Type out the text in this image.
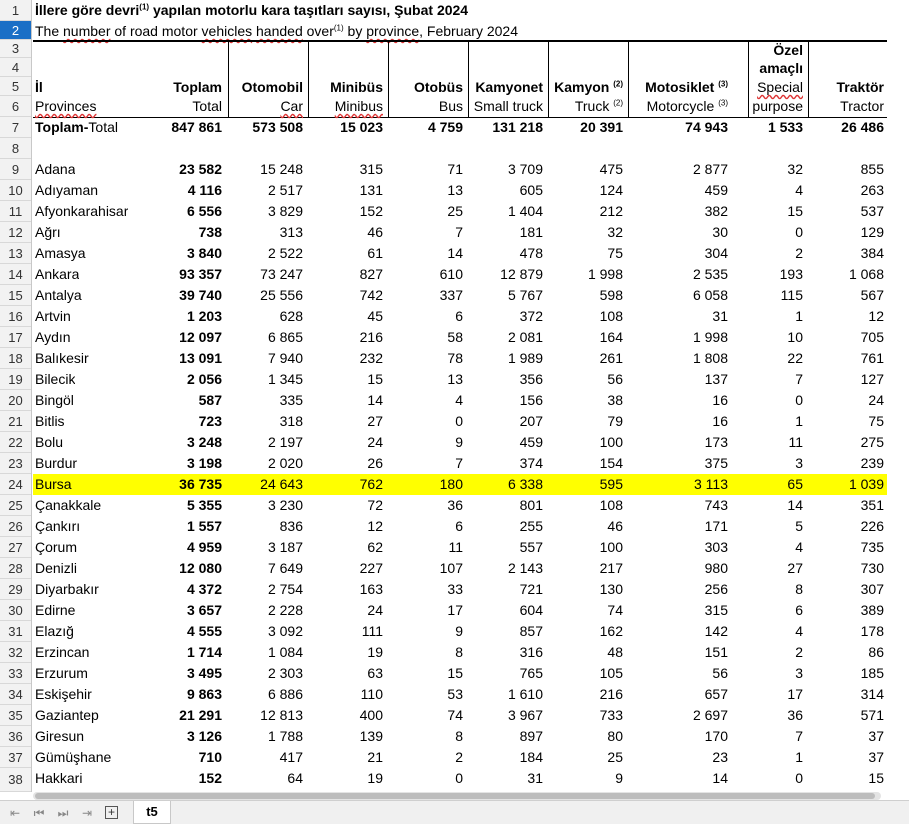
1
2
3
4
5
6
7
8
9
10
11
12
13
14
15
16
17
18
19
20
21
22
23
24
25
26
27
28
29
30
31
32
33
34
35
36
37
38
İllere göre devri$^{(1)}$ yapılan motorlu kara taşıtları sayısı, Şubat 2024
The number of road motor vehicles handed over$^{(1)}$ by province, February 2024
İl
Provinces
Toplam
Total
Otomobil
Car
Minibüs
Minibus
Otobüs
Bus
Kamyonet
Small truck
Kamyon $^{(2)}$
Truck $^{(2)}$
Motosiklet $^{(3)}$
Motorcycle $^{(3)}$
Özel
amaçlı
Special
purpose
Traktör
Tractor
Toplam-Total	847 861	573 508	15 023	4 759	131 218	20 391	74 943	1 533	26 486
Adana	23 582	15 248	315	71	3 709	475	2 877	32	855
Adıyaman	4 116	2 517	131	13	605	124	459	4	263
Afyonkarahisar	6 556	3 829	152	25	1 404	212	382	15	537
Ağrı	738	313	46	7	181	32	30	0	129
Amasya	3 840	2 522	61	14	478	75	304	2	384
Ankara	93 357	73 247	827	610	12 879	1 998	2 535	193	1 068
Antalya	39 740	25 556	742	337	5 767	598	6 058	115	567
Artvin	1 203	628	45	6	372	108	31	1	12
Aydın	12 097	6 865	216	58	2 081	164	1 998	10	705
Balıkesir	13 091	7 940	232	78	1 989	261	1 808	22	761
Bilecik	2 056	1 345	15	13	356	56	137	7	127
Bingöl	587	335	14	4	156	38	16	0	24
Bitlis	723	318	27	0	207	79	16	1	75
Bolu	3 248	2 197	24	9	459	100	173	11	275
Burdur	3 198	2 020	26	7	374	154	375	3	239
Bursa	36 735	24 643	762	180	6 338	595	3 113	65	1 039
Çanakkale	5 355	3 230	72	36	801	108	743	14	351
Çankırı	1 557	836	12	6	255	46	171	5	226
Çorum	4 959	3 187	62	11	557	100	303	4	735
Denizli	12 080	7 649	227	107	2 143	217	980	27	730
Diyarbakır	4 372	2 754	163	33	721	130	256	8	307
Edirne	3 657	2 228	24	17	604	74	315	6	389
Elazığ	4 555	3 092	111	9	857	162	142	4	178
Erzincan	1 714	1 084	19	8	316	48	151	2	86
Erzurum	3 495	2 303	63	15	765	105	56	3	185
Eskişehir	9 863	6 886	110	53	1 610	216	657	17	314
Gaziantep	21 291	12 813	400	74	3 967	733	2 697	36	571
Giresun	3 126	1 788	139	8	897	80	170	7	37
Gümüşhane	710	417	21	2	184	25	23	1	37
Hakkari	152	64	19	0	31	9	14	0	15
⇤	⏮ ⏭	⇥	+	t5
